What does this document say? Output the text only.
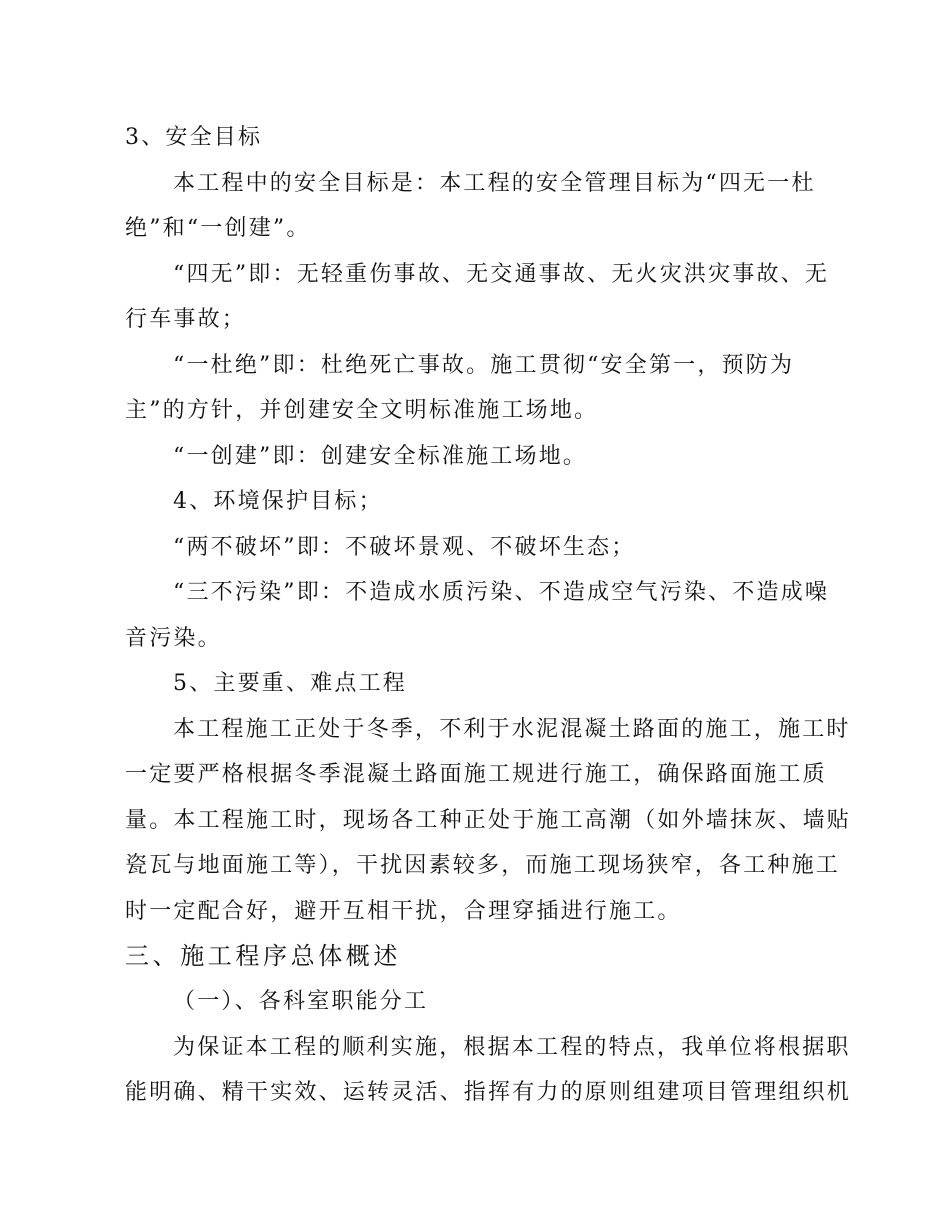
3、安全目标
本工程中的安全目标是：本工程的安全管理目标为“四无一杜
绝”和“一创建”。
“四无”即：无轻重伤事故、无交通事故、无火灾洪灾事故、无
行车事故；
“一杜绝”即：杜绝死亡事故。施工贯彻“安全第一，预防为
主”的方针，并创建安全文明标准施工场地。
“一创建”即：创建安全标准施工场地。
4、环境保护目标；
“两不破坏”即：不破坏景观、不破坏生态；
“三不污染”即：不造成水质污染、不造成空气污染、不造成噪
音污染。
5、主要重、难点工程
本工程施工正处于冬季，不利于水泥混凝土路面的施工，施工时
一定要严格根据冬季混凝土路面施工规进行施工，确保路面施工质
量。本工程施工时，现场各工种正处于施工高潮（如外墙抹灰、墙贴
瓷瓦与地面施工等），干扰因素较多，而施工现场狭窄，各工种施工
时一定配合好，避开互相干扰，合理穿插进行施工。
三、施工程序总体概述
（一）、各科室职能分工
为保证本工程的顺利实施，根据本工程的特点，我单位将根据职
能明确、精干实效、运转灵活、指挥有力的原则组建项目管理组织机
